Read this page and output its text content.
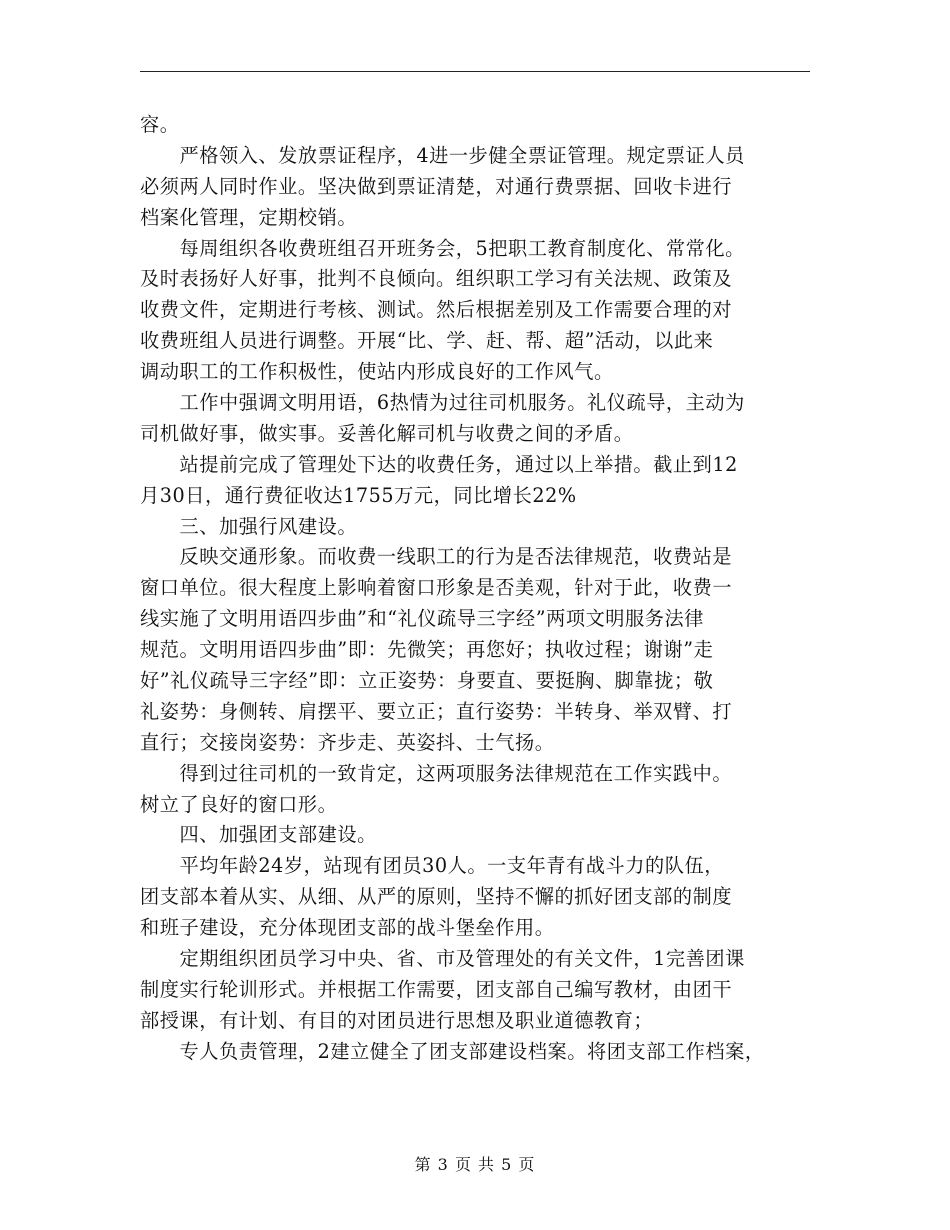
容。
　　严格领入、发放票证程序，4进一步健全票证管理。规定票证人员
必须两人同时作业。坚决做到票证清楚，对通行费票据、回收卡进行
档案化管理，定期校销。
　　每周组织各收费班组召开班务会，5把职工教育制度化、常常化。
及时表扬好人好事，批判不良倾向。组织职工学习有关法规、政策及
收费文件，定期进行考核、测试。然后根据差别及工作需要合理的对
收费班组人员进行调整。开展“比、学、赶、帮、超”活动，以此来
调动职工的工作积极性，使站内形成良好的工作风气。
　　工作中强调文明用语，6热情为过往司机服务。礼仪疏导，主动为
司机做好事，做实事。妥善化解司机与收费之间的矛盾。
　　站提前完成了管理处下达的收费任务，通过以上举措。截止到12
月30日，通行费征收达1755万元，同比增长22%
　　三、加强行风建设。
　　反映交通形象。而收费一线职工的行为是否法律规范，收费站是
窗口单位。很大程度上影响着窗口形象是否美观，针对于此，收费一
线实施了文明用语四步曲”和“礼仪疏导三字经”两项文明服务法律
规范。文明用语四步曲”即：先微笑；再您好；执收过程；谢谢”走
好”礼仪疏导三字经”即：立正姿势：身要直、要挺胸、脚靠拢；敬
礼姿势：身侧转、肩摆平、要立正；直行姿势：半转身、举双臂、打
直行；交接岗姿势：齐步走、英姿抖、士气扬。
　　得到过往司机的一致肯定，这两项服务法律规范在工作实践中。
树立了良好的窗口形。
　　四、加强团支部建设。
　　平均年龄24岁，站现有团员30人。一支年青有战斗力的队伍，
团支部本着从实、从细、从严的原则，坚持不懈的抓好团支部的制度
和班子建设，充分体现团支部的战斗堡垒作用。
　　定期组织团员学习中央、省、市及管理处的有关文件，1完善团课
制度实行轮训形式。并根据工作需要，团支部自己编写教材，由团干
部授课，有计划、有目的对团员进行思想及职业道德教育；
　　专人负责管理，2建立健全了团支部建设档案。将团支部工作档案，
第 3 页 共 5 页
